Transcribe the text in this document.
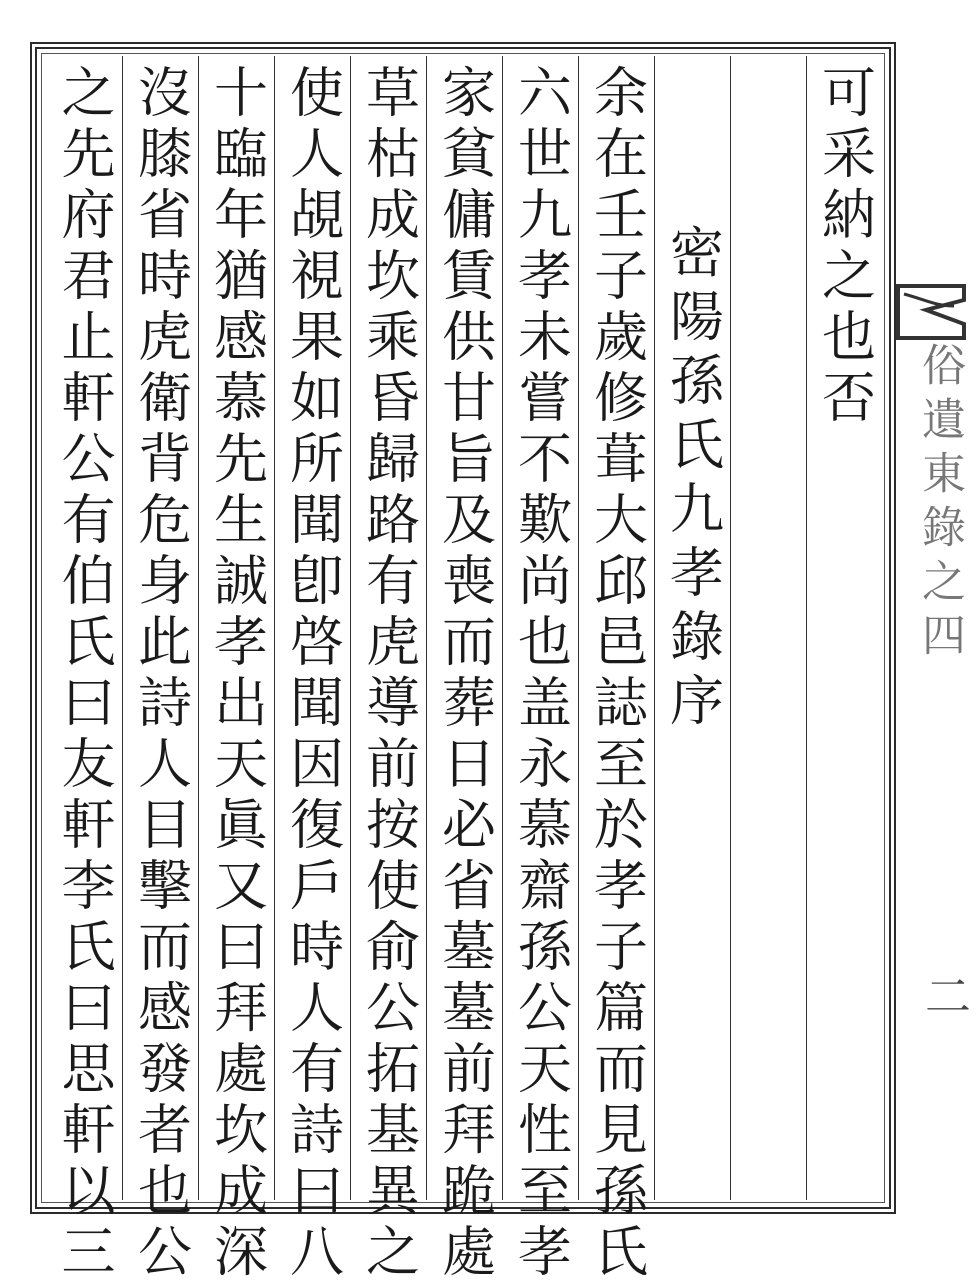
可采納之也否
密陽孫氏九孝錄序
余在壬子歲修葺大邱邑誌至於孝子篇而見孫氏
六世九孝未嘗不歎尚也盖永慕齋孫公天性至孝
家貧傭賃供甘旨及喪而葬日必省墓墓前拜跪處
草枯成坎乘昏歸路有虎導前按使俞公拓基異之
使人覘視果如所聞卽啓聞因復戶時人有詩曰八
十臨年猶感慕先生誠孝出天眞又曰拜處坎成深
沒膝省時虎衛背危身此詩人目擊而感發者也公
之先府君止軒公有伯氏曰友軒李氏曰思軒以三	俗遺東錄之四
二
